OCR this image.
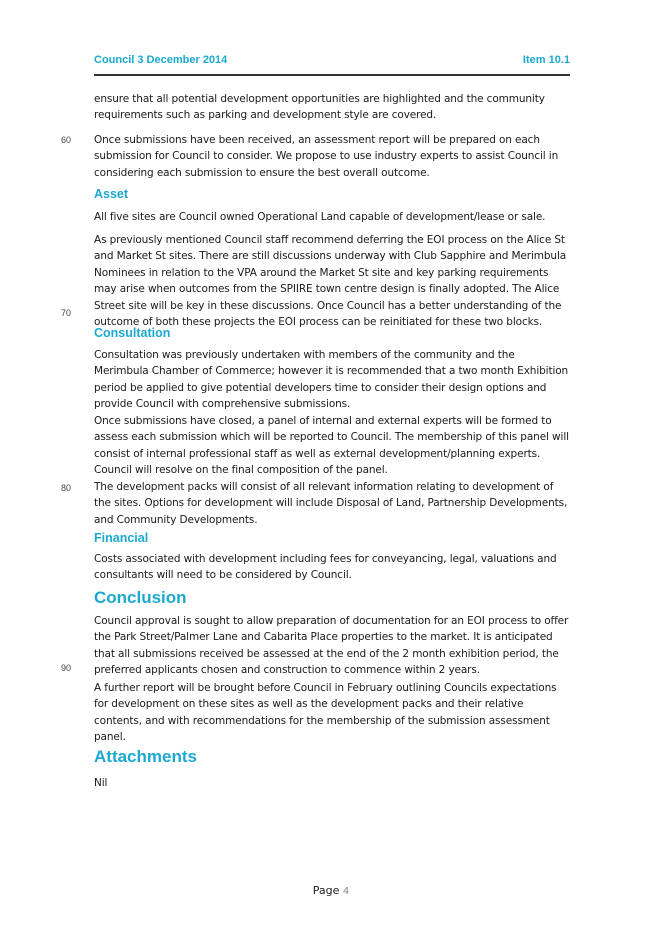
Council 3 December 2014	Item 10.1

ensure that all potential development opportunities are highlighted and the community requirements such as parking and development style are covered.

60 Once submissions have been received, an assessment report will be prepared on each submission for Council to consider. We propose to use industry experts to assist Council in considering each submission to ensure the best overall outcome.

Asset

All five sites are Council owned Operational Land capable of development/lease or sale.

As previously mentioned Council staff recommend deferring the EOI process on the Alice St and Market St sites. There are still discussions underway with Club Sapphire and Merimbula Nominees in relation to the VPA around the Market St site and key parking requirements may arise when outcomes from the SPIIRE town centre design is finally adopted. The Alice Street site will be key in these discussions. Once Council has a better understanding of the outcome of both these projects the EOI process can be reinitiated for these two blocks.

70
Consultation

Consultation was previously undertaken with members of the community and the Merimbula Chamber of Commerce; however it is recommended that a two month Exhibition period be applied to give potential developers time to consider their design options and provide Council with comprehensive submissions.

Once submissions have closed, a panel of internal and external experts will be formed to assess each submission which will be reported to Council. The membership of this panel will consist of internal professional staff as well as external development/planning experts. Council will resolve on the final composition of the panel.

80 The development packs will consist of all relevant information relating to development of the sites. Options for development will include Disposal of Land, Partnership Developments, and Community Developments.

Financial

Costs associated with development including fees for conveyancing, legal, valuations and consultants will need to be considered by Council.

Conclusion

Council approval is sought to allow preparation of documentation for an EOI process to offer the Park Street/Palmer Lane and Cabarita Place properties to the market. It is anticipated that all submissions received be assessed at the end of the 2 month exhibition period, the preferred applicants chosen and construction to commence within 2 years.

90

A further report will be brought before Council in February outlining Councils expectations for development on these sites as well as the development packs and their relative contents, and with recommendations for the membership of the submission assessment panel.

Attachments

Nil

Page 4
